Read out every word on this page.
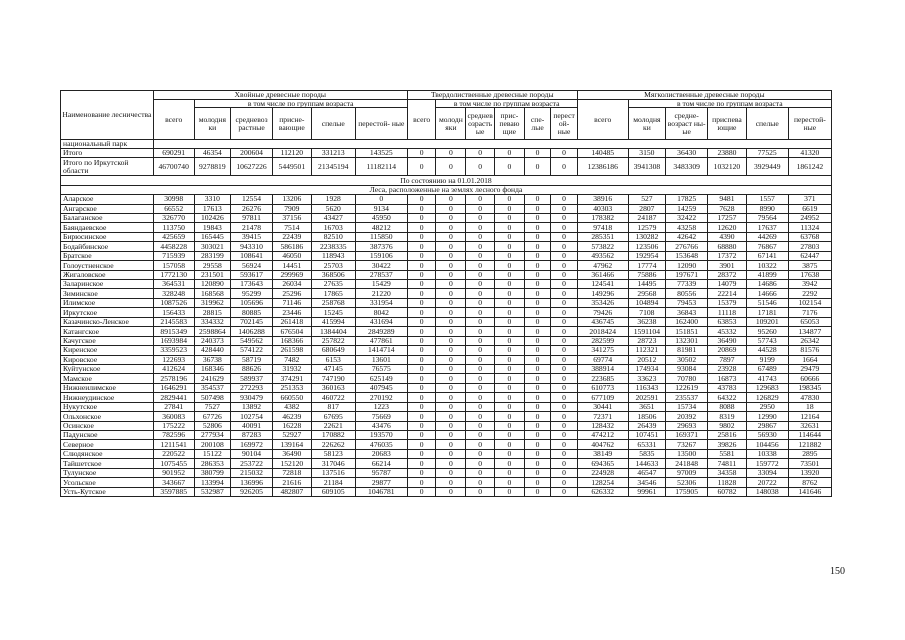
Наименование лесничества	Хвойные древесные породы						Твердолиственные древесные породы						Мягколиственные древесные породы					
	всего	в том числе по группам возраста					всего	в том числе по группам возраста					всего	в том числе по группам возраста				
		молодня ки	средневоз растные	присне- вающие	спелые	перестой- ные		молодн яки	среднев озрасть ые	прис- певаю щие	спе- лые	перест ой- ные		молодня ки	средне- возраст ны- ые	приспева ющие	спелые	перестой- ные
национальный парк																		
Итого	690291	46354	200604	112120	331213	143525	0	0	0	0	0	0	140485	3150	36430	23880	77525	41320
Итого по Иркутской области	46700740	9278819	10627226	5449501	21345194	11182114	0	0	0	0	0	0	12386186	3941308	3483309	1032120	3929449	1861242
По состоянию на 01.01.2018																		
Леса, расположенные на землях лесного фонда																		
Аларское	30998	3310	12554	13206	1928	0	0	0	0	0	0	0	38916	527	17825	9481	1557	371
Ангарское	66552	17613	26276	7909	5620	9134	0	0	0	0	0	0	40303	2807	14259	7628	8990	6619
Балаганское	326770	102426	97811	37156	43427	45950	0	0	0	0	0	0	178382	24187	32422	17257	79564	24952
Баяндаевское	113750	19843	21478	7514	16703	48212	0	0	0	0	0	0	97418	12579	43258	12620	17637	11324
Бирюсинское	425659	165445	39415	22439	82510	115850	0	0	0	0	0	0	285351	130282	42642	4390	44269	63768
Бодайбинское	4458228	303021	943310	586186	2238335	387376	0	0	0	0	0	0	573822	123506	276766	68880	76867	27803
Братское	715939	283199	108641	46050	118943	159106	0	0	0	0	0	0	493562	192954	153648	17372	67141	62447
Голоустненское	157058	29558	56924	14451	25703	30422	0	0	0	0	0	0	47962	17774	12090	3901	10322	3875
Жигаловское	1772130	231501	593617	299969	368506	278537	0	0	0	0	0	0	361466	75886	197671	28372	41899	17638
Заларинское	364531	120890	173643	26034	27635	15429	0	0	0	0	0	0	124541	14495	77339	14079	14686	3942
Зиминское	328248	168568	95299	25296	17865	21220	0	0	0	0	0	0	149296	29568	80556	22214	14666	2292
Илимское	1087526	319962	105696	71146	258768	331954	0	0	0	0	0	0	353426	104894	79453	15379	51546	102154
Иркутское	156433	28815	80885	23446	15245	8042	0	0	0	0	0	0	79426	7108	36843	11118	17181	7176
Казачинско-Ленское	2145583	334332	702145	261418	415994	431694	0	0	0	0	0	0	436745	36238	162400	63853	109201	65053
Катангское	8915349	2598864	1406288	676504	1384404	2849289	0	0	0	0	0	0	2018424	1591104	151851	45332	95260	134877
Качугское	1693984	240373	549562	168366	257822	477861	0	0	0	0	0	0	282599	28723	132301	36490	57743	26342
Киренское	3359523	428440	574122	261598	680649	1414714	0	0	0	0	0	0	341275	112321	81981	20869	44528	81576
Кировское	122693	36738	58719	7482	6153	13601	0	0	0	0	0	0	69774	20512	30502	7897	9199	1664
Куйтунское	412624	168346	88626	31932	47145	76575	0	0	0	0	0	0	388914	174934	93084	23928	67489	29479
Мамское	2578196	241629	589937	374291	747190	625149	0	0	0	0	0	0	223685	33623	70780	16873	41743	60666
Нижнеилимское	1646291	354537	272293	251353	360163	407945	0	0	0	0	0	0	610773	116343	122619	43783	129683	198345
Нижнеудинское	2829441	507498	930479	660550	460722	270192	0	0	0	0	0	0	677109	202591	235537	64322	126829	47830
Нукутское	27841	7527	13892	4382	817	1223	0	0	0	0	0	0	30441	3651	15734	8088	2950	18
Ольхонское	360083	67726	102754	46239	67695	75669	0	0	0	0	0	0	72371	18506	20392	8319	12990	12164
Осинское	175222	52806	40091	16228	22621	43476	0	0	0	0	0	0	128432	26439	29693	9802	29867	32631
Падунское	782596	277934	87283	52927	170882	193570	0	0	0	0	0	0	474212	107451	169371	25816	56930	114644
Северное	1211541	200108	169972	139164	226262	476035	0	0	0	0	0	0	404762	65331	73267	39826	104456	121882
Слюдянское	220522	15122	90104	36490	58123	20683	0	0	0	0	0	0	38149	5835	13500	5581	10338	2895
Тайшетское	1075455	286353	253722	152120	317046	66214	0	0	0	0	0	0	694365	144633	241848	74811	159772	73501
Тулунское	901952	380799	215032	72818	137516	95787	0	0	0	0	0	0	224928	46547	97009	34358	33094	13920
Усольское	343667	133994	136996	21616	21184	29877	0	0	0	0	0	0	128254	34546	52306	11828	20722	8762
Усть-Кутское	3597885	532987	926205	482807	609105	1046781	0	0	0	0	0	0	626332	99961	175905	60782	148038	141646
150
